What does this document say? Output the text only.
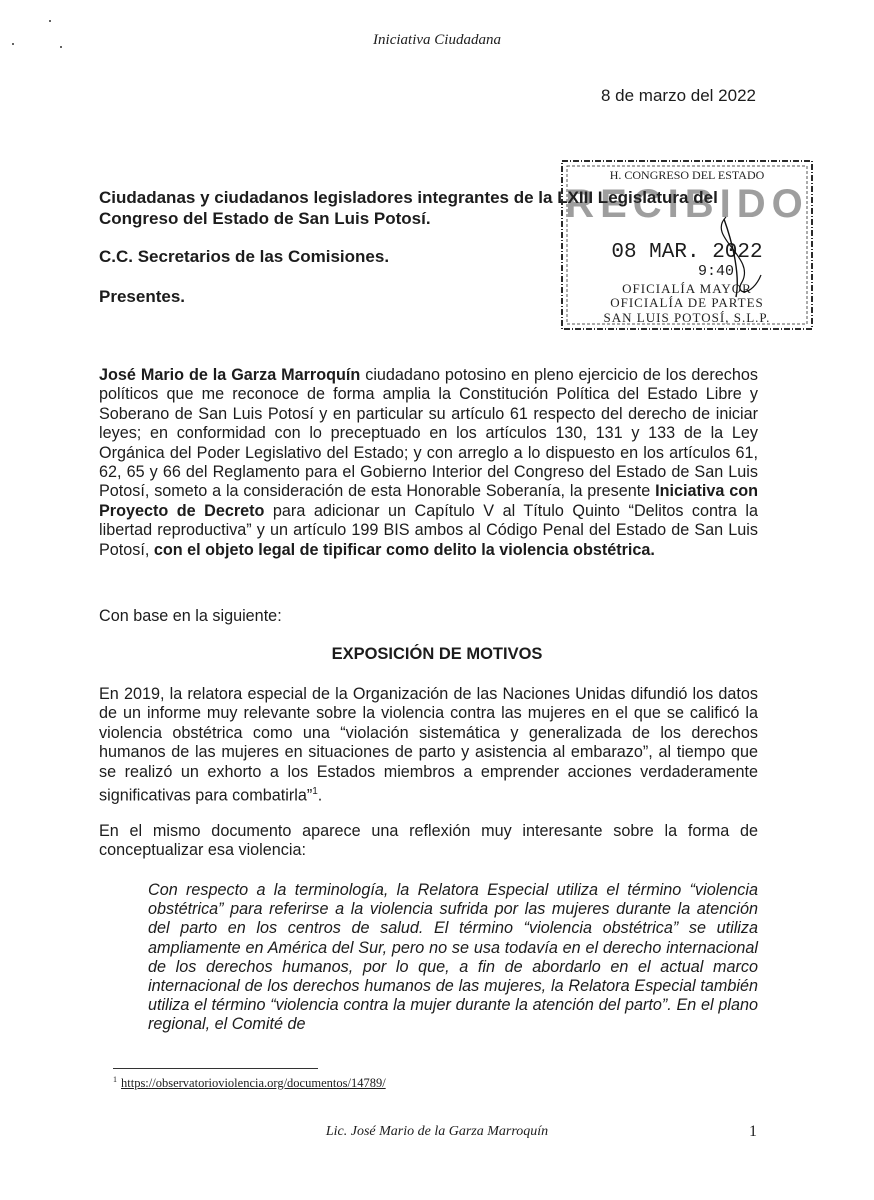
Iniciativa Ciudadana
8 de marzo del 2022
Ciudadanas y ciudadanos legisladores integrantes de la LXIII Legislatura del
Congreso del Estado de San Luis Potosí.
C.C. Secretarios de las Comisiones.
Presentes.
H. CONGRESO DEL ESTADO
RECIBIDO
08 MAR. 2022
9:40
OFICIALÍA MAYOR
OFICIALÍA DE PARTES
SAN LUIS POTOSÍ, S.L.P.
José Mario de la Garza Marroquín ciudadano potosino en pleno ejercicio de los derechos políticos que me reconoce de forma amplia la Constitución Política del Estado Libre y Soberano de San Luis Potosí y en particular su artículo 61 respecto del derecho de iniciar leyes; en conformidad con lo preceptuado en los artículos 130, 131 y 133 de la Ley Orgánica del Poder Legislativo del Estado; y con arreglo a lo dispuesto en los artículos 61, 62, 65 y 66 del Reglamento para el Gobierno Interior del Congreso del Estado de San Luis Potosí, someto a la consideración de esta Honorable Soberanía, la presente Iniciativa con Proyecto de Decreto para adicionar un Capítulo V al Título Quinto “Delitos contra la libertad reproductiva” y un artículo 199 BIS ambos al Código Penal del Estado de San Luis Potosí, con el objeto legal de tipificar como delito la violencia obstétrica.
Con base en la siguiente:
EXPOSICIÓN DE MOTIVOS
En 2019, la relatora especial de la Organización de las Naciones Unidas difundió los datos de un informe muy relevante sobre la violencia contra las mujeres en el que se calificó la violencia obstétrica como una “violación sistemática y generalizada de los derechos humanos de las mujeres en situaciones de parto y asistencia al embarazo”, al tiempo que se realizó un exhorto a los Estados miembros a emprender acciones verdaderamente significativas para combatirla”$^1$.
En el mismo documento aparece una reflexión muy interesante sobre la forma de conceptualizar esa violencia:
Con respecto a la terminología, la Relatora Especial utiliza el término “violencia obstétrica” para referirse a la violencia sufrida por las mujeres durante la atención del parto en los centros de salud. El término “violencia obstétrica” se utiliza ampliamente en América del Sur, pero no se usa todavía en el derecho internacional de los derechos humanos, por lo que, a fin de abordarlo en el actual marco internacional de los derechos humanos de las mujeres, la Relatora Especial también utiliza el término “violencia contra la mujer durante la atención del parto”. En el plano regional, el Comité de
$^1$ https://observatorioviolencia.org/documentos/14789/
Lic. José Mario de la Garza Marroquín	1
